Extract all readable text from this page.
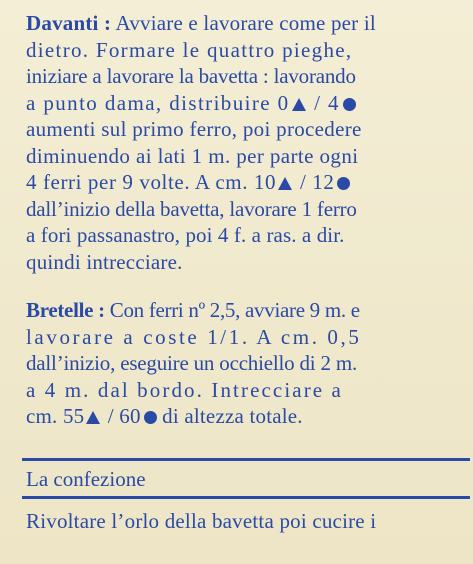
Davanti : Avviare e lavorare come per il
dietro. Formare le quattro pieghe,
iniziare a lavorare la bavetta : lavorando
a punto dama, distribuire 0 / 4
aumenti sul primo ferro, poi procedere
diminuendo ai lati 1 m. per parte ogni
4 ferri per 9 volte. A cm. 10 / 12
dall’inizio della bavetta, lavorare 1 ferro
a fori passanastro, poi 4 f. a ras. a dir.
quindi intrecciare.
Bretelle : Con ferri nº 2,5, avviare 9 m. e
lavorare a coste 1/1. A cm. 0,5
dall’inizio, eseguire un occhiello di 2 m.
a 4 m. dal bordo. Intrecciare a
cm. 55 / 60 di altezza totale.
La confezione
Rivoltare l’orlo della bavetta poi cucire i
